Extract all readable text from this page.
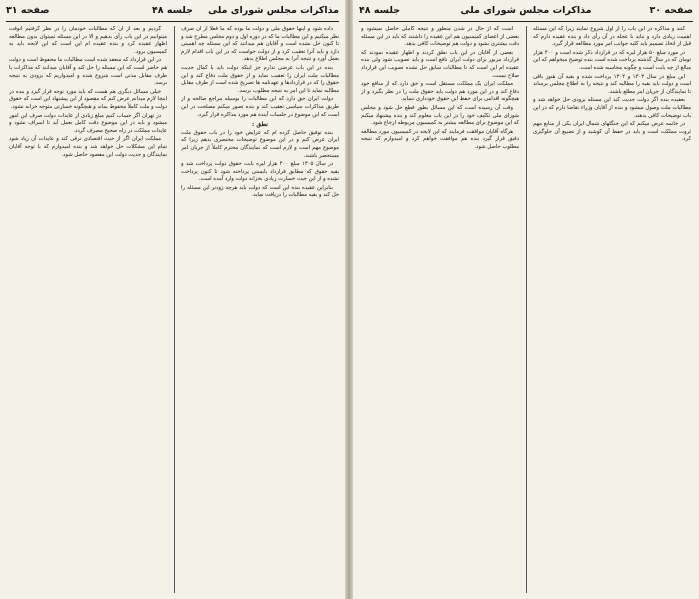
مذاکرات مجلس شورای ملی
جلسه ۴۸
صفحه ۳۱

داده شود و اینها حقوق ملی و دولت ما بوده که ما فعلاً از آن صرف نظر میکنیم و این مطالبات ما که در دوره اول و دوم مجلس مطرح شد و تا کنون حل نشده است و آقایان هم میدانند که این مسئله چه اهمیتی دارد و باید آنرا تعقیب کرد و از دولت خواست که در این باب اقدام لازم بعمل آورد و نتیجه آنرا به مجلس اطلاع بدهد.

بنده در این باب عرضی ندارم جز اینکه دولت باید با کمال جدیت مطالبات ملت ایران را تعقیب نماید و از حقوق ملت دفاع کند و این حقوق را که در قراردادها و عهدنامه ها تصریح شده است از طرف مقابل مطالبه نماید تا این امر به نتیجه مطلوب برسد.

دولت ایران حق دارد که این مطالبات را بوسیله مراجع صالحه و از طریق مذاکرات سیاسی تعقیب کند و بنده تصور میکنم مصلحت در این است که این موضوع در جلسات آینده هم مورد مذاکره قرار گیرد.

نطق :

بنده توفیق حاصل کرده ام که عرایض خود را در باب حقوق ملت ایران عرض کنم و در این موضوع توضیحات مختصری بدهم زیرا که موضوع مهم است و لازم است که نمایندگان محترم کاملاً از جریان امر مستحضر باشند.

در سال ۱۳۰۵ مبلغ ۴۰۰ هزار لیره بابت حقوق دولت پرداخت شد و بقیه حقوق که مطابق قرارداد بایستی پرداخته شود تا کنون پرداخت نشده و از این حیث خسارت زیادی بخزانه دولت وارد آمده است.

بنابراین عقیده بنده این است که دولت باید هرچه زودتر این مسئله را حل کند و بقیه مطالبات را دریافت نماید.

گردیم و بعد از آن که مطالبات خودمان را در نظر گرفتیم آنوقت میتوانیم در این باب رأی بدهیم و الا در این مسئله نمیتوان بدون مطالعه اظهار عقیده کرد و بنده عقیده ام این است که این لایحه باید به کمیسیون برود.

در این قرارداد که منعقد شده است مطالبات ما محفوظ است و دولت هم حاضر است که این مسئله را حل کند و آقایان میدانند که مذاکرات با طرف مقابل مدتی است شروع شده و امیدواریم که بزودی به نتیجه برسد.

خیلی مسائل دیگری هم هست که باید مورد توجه قرار گیرد و بنده در اینجا لازم میدانم عرض کنم که مقصود از این پیشنهاد این است که حقوق دولت و ملت کاملاً محفوظ بماند و هیچگونه خسارتی متوجه خزانه نشود.

در تهران اگر حساب کنیم مبلغ زیادی از عایدات دولت صرف این امور میشود و باید در این موضوع دقت کامل بعمل آید تا اسراف نشود و عایدات مملکت در راه صحیح مصرف گردد.

مملکت ایران اگر از حیث اقتصادی ترقی کند و عایدات آن زیاد شود تمام این مشکلات حل خواهد شد و بنده امیدوارم که با توجه آقایان نمایندگان و جدیت دولت این مقصود حاصل شود.

صفحه ۳۰
مذاکرات مجلس شورای ملی
جلسه ۴۸

کنند و مذاکره در این باب را از اول شروع نمایند زیرا که این مسئله اهمیت زیادی دارد و نباید با عجله در آن رأی داد و بنده عقیده دارم که قبل از اتخاذ تصمیم باید کلیه جوانب امر مورد مطالعه قرار گیرد.

در مورد مبلغ ۵۰ هزار لیره که در قرارداد ذکر شده است و ۴۰۰ هزار تومان که در سال گذشته پرداخت شده است بنده توضیح میخواهم که این مبالغ از چه بابت است و چگونه محاسبه شده است.

این مبلغ در سال ۱۳۰۳ و ۱۳۰۴ پرداخت شده و بقیه آن هنوز باقی است و دولت باید بقیه را مطالبه کند و نتیجه را به اطلاع مجلس برساند تا نمایندگان از جریان امر مطلع باشند.

بعقیده بنده اگر دولت جدیت کند این مسئله بزودی حل خواهد شد و مطالبات ملت وصول میشود و بنده از آقایان وزراء تقاضا دارم که در این باب توضیحات کافی بدهند.

در خاتمه عرض میکنم که این جنگلهای شمال ایران یکی از منابع مهم ثروت مملکت است و باید در حفظ آن کوشید و از تضییع آن جلوگیری کرد.

است که از حال در شدن منظور و نتیجه کاملی حاصل نمیشود و بعضی از اعضای کمیسیون هم این عقیده را داشتند که باید در این مسئله دقت بیشتری بشود و دولت هم توضیحات کافی بدهد.

بعضی از آقایان در این باب نطق کردند و اظهار عقیده نمودند که قرارداد مزبور برای دولت ایران نافع است و باید تصویب شود ولی بنده عقیده ام این است که تا مطالبات سابق حل نشده تصویب این قرارداد صلاح نیست.

مملکت ایران یک مملکت مستقل است و حق دارد که از منافع خود دفاع کند و در این مورد هم دولت باید حقوق ملت را در نظر بگیرد و از هیچگونه اقدامی برای حفظ این حقوق خودداری ننماید.

وقت آن رسیده است که این مسائل بطور قطع حل شود و مجلس شورای ملی تکلیف خود را در این باب معلوم کند و بنده پیشنهاد میکنم که این موضوع برای مطالعه بیشتر به کمیسیون مربوطه ارجاع شود.

هرگاه آقایان موافقت فرمایند که این لایحه در کمیسیون مورد مطالعه دقیق قرار گیرد بنده هم موافقت خواهم کرد و امیدوارم که نتیجه مطلوب حاصل شود.
